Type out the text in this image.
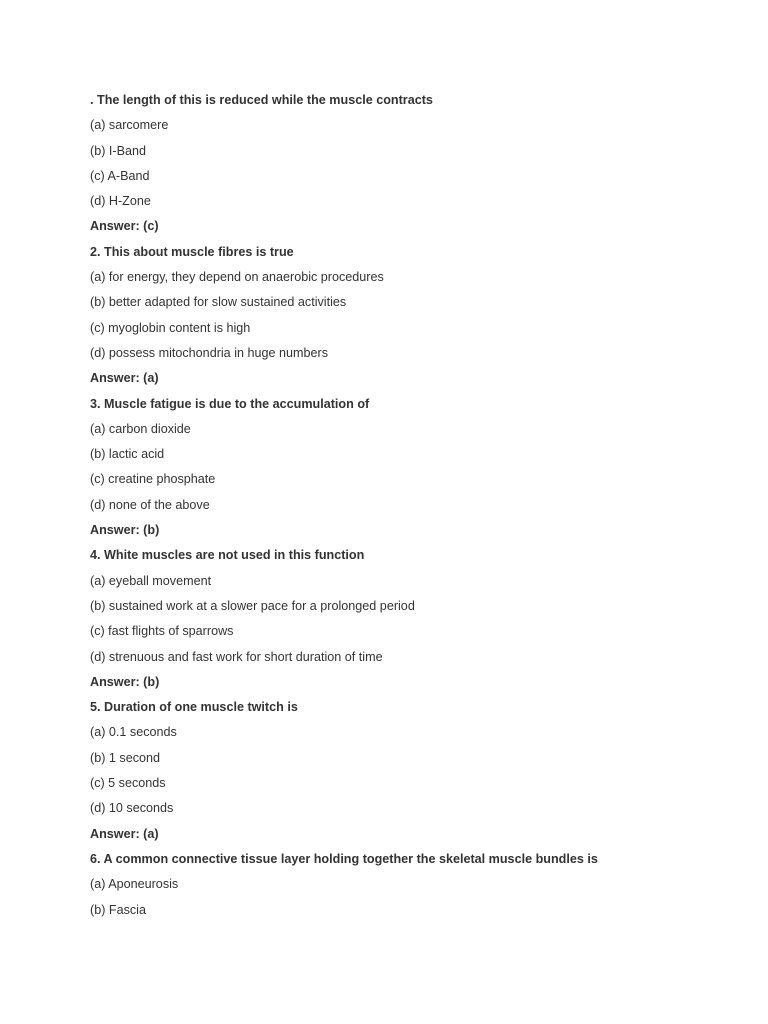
. The length of this is reduced while the muscle contracts
(a) sarcomere
(b) I-Band
(c) A-Band
(d) H-Zone
Answer: (c)
2. This about muscle fibres is true
(a) for energy, they depend on anaerobic procedures
(b) better adapted for slow sustained activities
(c) myoglobin content is high
(d) possess mitochondria in huge numbers
Answer: (a)
3. Muscle fatigue is due to the accumulation of
(a) carbon dioxide
(b) lactic acid
(c) creatine phosphate
(d) none of the above
Answer: (b)
4. White muscles are not used in this function
(a) eyeball movement
(b) sustained work at a slower pace for a prolonged period
(c) fast flights of sparrows
(d) strenuous and fast work for short duration of time
Answer: (b)
5. Duration of one muscle twitch is
(a) 0.1 seconds
(b) 1 second
(c) 5 seconds
(d) 10 seconds
Answer: (a)
6. A common connective tissue layer holding together the skeletal muscle bundles is
(a) Aponeurosis
(b) Fascia
